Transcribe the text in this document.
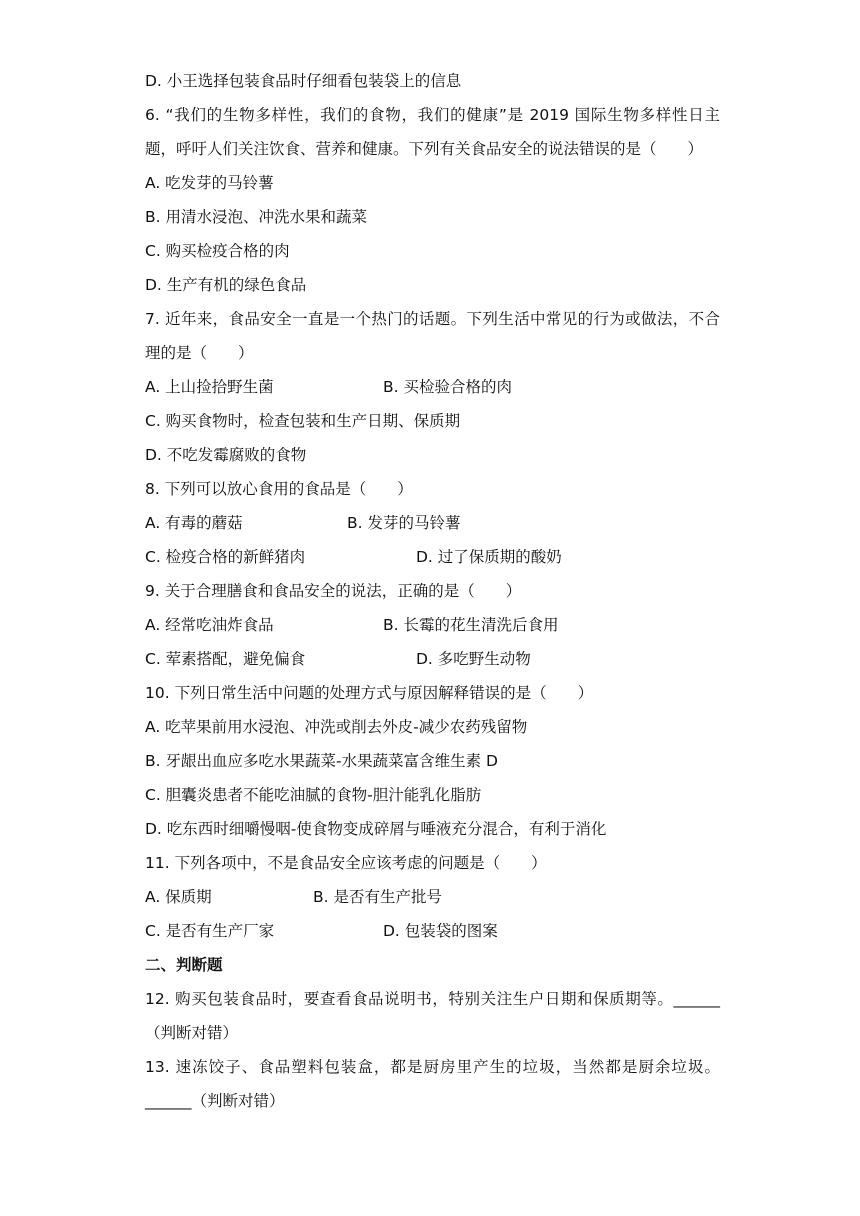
D. 小王选择包装食品时仔细看包装袋上的信息
6. “我们的生物多样性，我们的食物，我们的健康”是 2019 国际生物多样性日主题，呼吁人们关注饮食、营养和健康。下列有关食品安全的说法错误的是（　　）
A. 吃发芽的马铃薯
B. 用清水浸泡、冲洗水果和蔬菜
C. 购买检疫合格的肉
D. 生产有机的绿色食品
7. 近年来，食品安全一直是一个热门的话题。下列生活中常见的行为或做法，不合理的是（　　）
A. 上山捡拾野生菌	B. 买检验合格的肉
C. 购买食物时，检查包装和生产日期、保质期
D. 不吃发霉腐败的食物
8. 下列可以放心食用的食品是（　　）
A. 有毒的蘑菇	B. 发芽的马铃薯
C. 检疫合格的新鲜猪肉	D. 过了保质期的酸奶
9. 关于合理膳食和食品安全的说法，正确的是（　　）
A. 经常吃油炸食品	B. 长霉的花生清洗后食用
C. 荤素搭配，避免偏食	D. 多吃野生动物
10. 下列日常生活中问题的处理方式与原因解释错误的是（　　）
A. 吃苹果前用水浸泡、冲洗或削去外皮-减少农药残留物
B. 牙龈出血应多吃水果蔬菜-水果蔬菜富含维生素 D
C. 胆囊炎患者不能吃油腻的食物-胆汁能乳化脂肪
D. 吃东西时细嚼慢咽-使食物变成碎屑与唾液充分混合，有利于消化
11. 下列各项中，不是食品安全应该考虑的问题是（　　）
A. 保质期	B. 是否有生产批号
C. 是否有生产厂家	D. 包装袋的图案
二、判断题
12. 购买包装食品时，要查看食品说明书，特别关注生户日期和保质期等。______（判断对错）
13. 速冻饺子、食品塑料包装盒，都是厨房里产生的垃圾，当然都是厨余垃圾。______（判断对错）
